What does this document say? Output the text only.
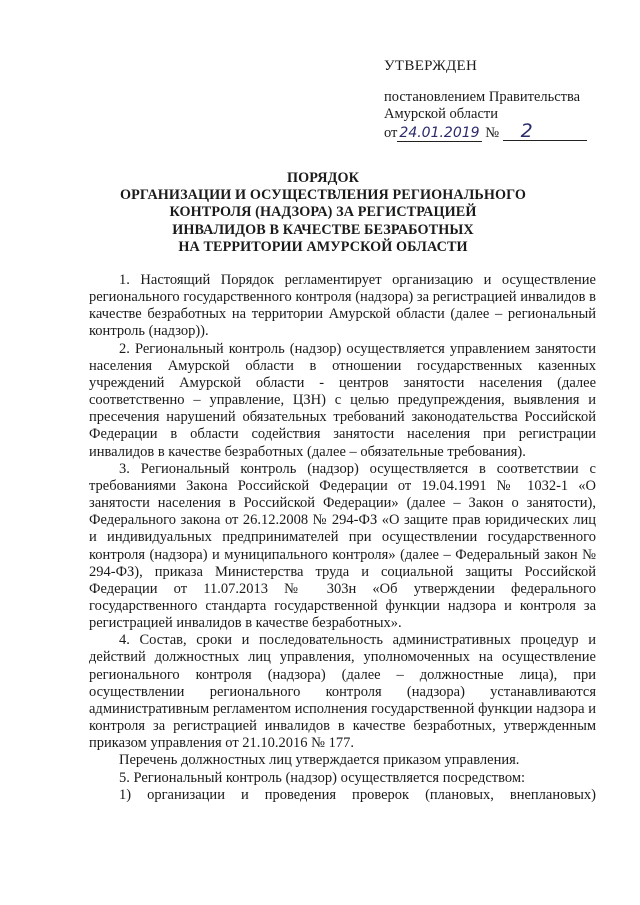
УТВЕРЖДЕН
постановлением Правительства
Амурской области
от 24.01.2019 № 2
ПОРЯДОК
ОРГАНИЗАЦИИ И ОСУЩЕСТВЛЕНИЯ РЕГИОНАЛЬНОГО
КОНТРОЛЯ (НАДЗОРА) ЗА РЕГИСТРАЦИЕЙ
ИНВАЛИДОВ В КАЧЕСТВЕ БЕЗРАБОТНЫХ
НА ТЕРРИТОРИИ АМУРСКОЙ ОБЛАСТИ

1. Настоящий Порядок регламентирует организацию и осуществление регионального государственного контроля (надзора) за регистрацией инвалидов в качестве безработных на территории Амурской области (далее – региональный контроль (надзор)).

2. Региональный контроль (надзор) осуществляется управлением занятости населения Амурской области в отношении государственных казенных учреждений Амурской области - центров занятости населения (далее соответственно – управление, ЦЗН) с целью предупреждения, выявления и пресечения нарушений обязательных требований законодательства Российской Федерации в области содействия занятости населения при регистрации инвалидов в качестве безработных (далее – обязательные требования).

3. Региональный контроль (надзор) осуществляется в соответствии с требованиями Закона Российской Федерации от 19.04.1991 № 1032-1 «О занятости населения в Российской Федерации» (далее – Закон о занятости), Федерального закона от 26.12.2008 № 294-ФЗ «О защите прав юридических лиц и индивидуальных предпринимателей при осуществлении государственного контроля (надзора) и муниципального контроля» (далее – Федеральный закон № 294-ФЗ), приказа Министерства труда и социальной защиты Российской Федерации от 11.07.2013 № 303н «Об утверждении федерального государственного стандарта государственной функции надзора и контроля за регистрацией инвалидов в качестве безработных».

4. Состав, сроки и последовательность административных процедур и действий должностных лиц управления, уполномоченных на осуществление регионального контроля (надзора) (далее – должностные лица), при осуществлении регионального контроля (надзора) устанавливаются административным регламентом исполнения государственной функции надзора и контроля за регистрацией инвалидов в качестве безработных, утвержденным приказом управления от 21.10.2016 № 177.

Перечень должностных лиц утверждается приказом управления.

5. Региональный контроль (надзор) осуществляется посредством:

1) организации и проведения проверок (плановых, внеплановых)
